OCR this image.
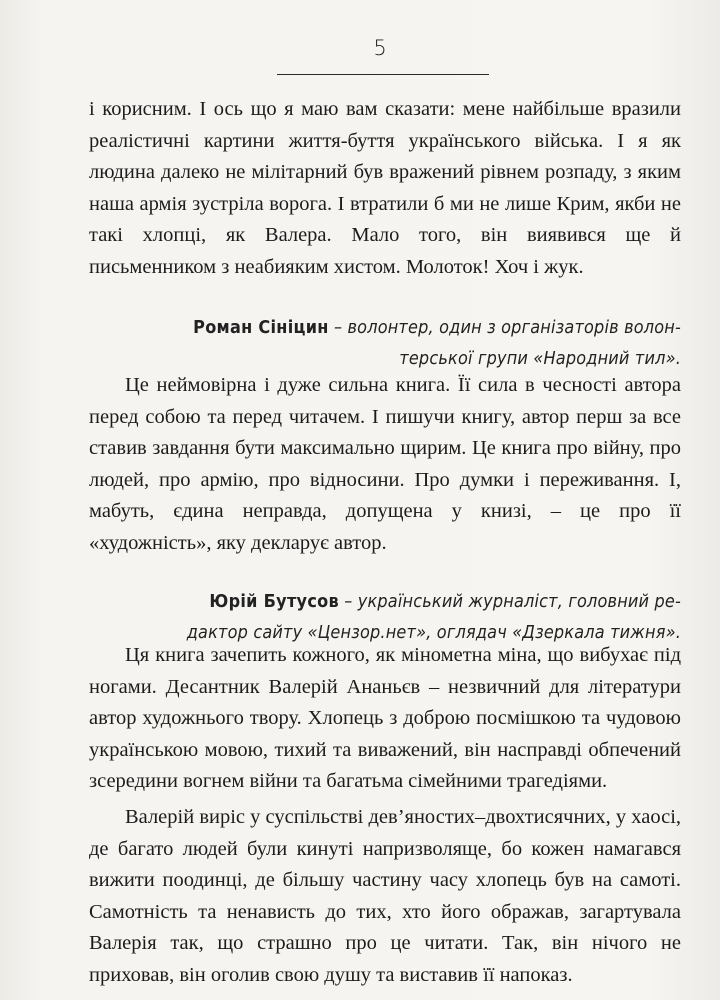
5

і корисним. І ось що я маю вам сказати: мене найбільше вразили реалістичні картини життя-буття українського війська. І я як людина далеко не мілітарний був вражений рівнем розпаду, з яким наша армія зустріла ворога. І втратили б ми не лише Крим, якби не такі хлопці, як Валера. Мало того, він виявився ще й письменником з неабияким хистом. Молоток! Хоч і жук.

Роман Сініцин – волонтер, один з організаторів волон-
терської групи «Народний тил».

Це неймовірна і дуже сильна книга. Її сила в чесності автора перед собою та перед читачем. І пишучи книгу, автор перш за все ставив завдання бути максимально щирим. Це книга про війну, про людей, про армію, про відносини. Про думки і переживання. І, мабуть, єдина неправда, допущена у книзі, – це про її «художність», яку декларує автор.

Юрій Бутусов – український журналіст, головний ре-
дактор сайту «Цензор.нет», оглядач «Дзеркала тижня».

Ця книга зачепить кожного, як мінометна міна, що вибухає під ногами. Десантник Валерій Ананьєв – незвичний для літератури автор художнього твору. Хлопець з доброю посмішкою та чудовою українською мовою, тихий та виважений, він насправді обпечений зсередини вогнем війни та багатьма сімейними трагедіями.

Валерій виріс у суспільстві дев’яностих–двохтисячних, у хаосі, де багато людей були кинуті напризволяще, бо кожен намагався вижити поодинці, де більшу частину часу хлопець був на самоті. Самотність та ненависть до тих, хто його ображав, загартувала Валерія так, що страшно про це читати. Так, він нічого не приховав, він оголив свою душу та виставив її напоказ.
